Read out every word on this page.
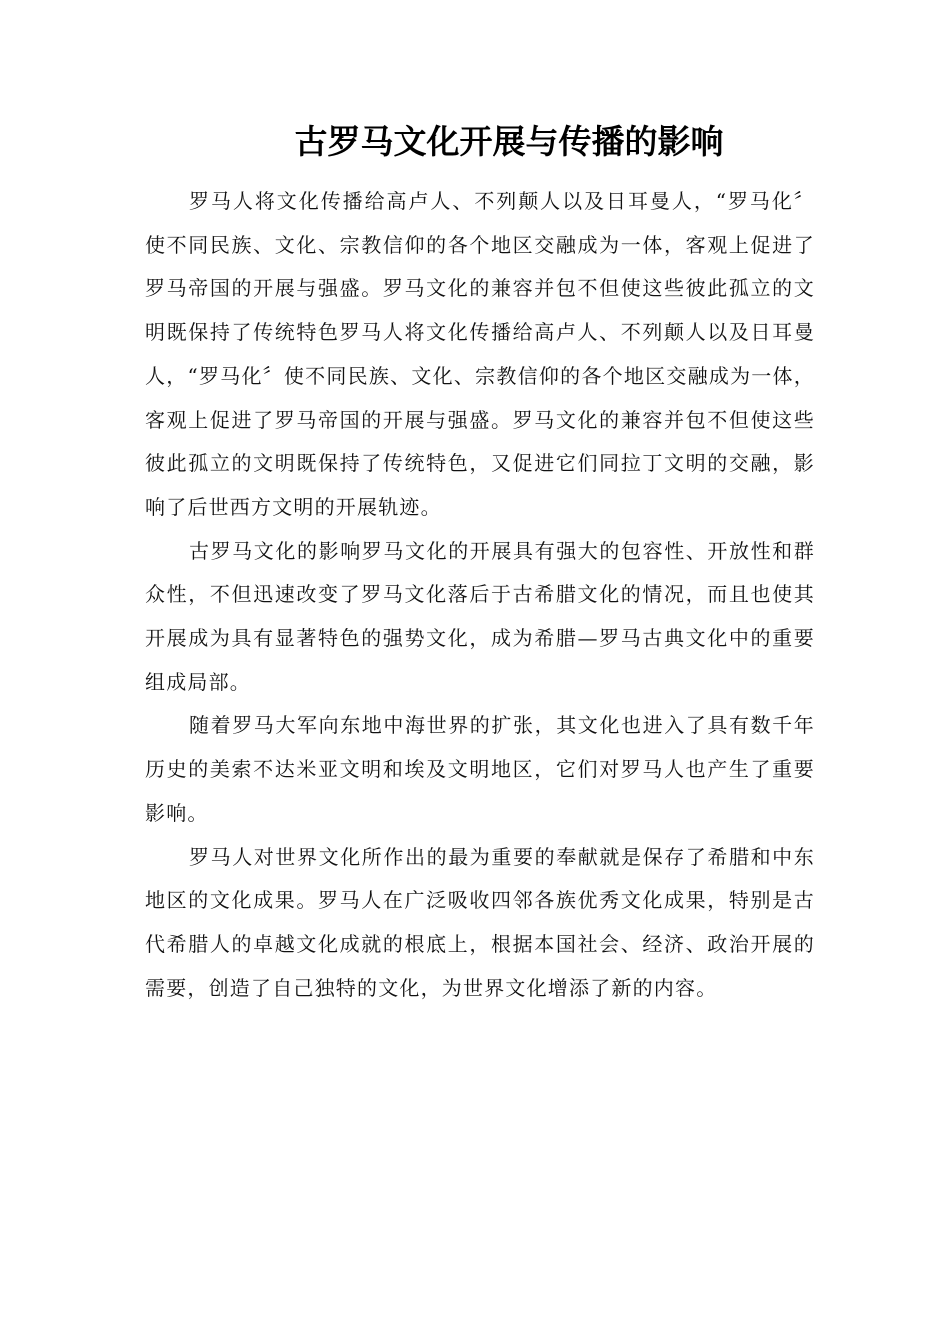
古罗马文化开展与传播的影响

罗马人将文化传播给高卢人、不列颠人以及日耳曼人，“罗马化〞使不同民族、文化、宗教信仰的各个地区交融成为一体，客观上促进了罗马帝国的开展与强盛。罗马文化的兼容并包不但使这些彼此孤立的文明既保持了传统特色罗马人将文化传播给高卢人、不列颠人以及日耳曼人，“罗马化〞使不同民族、文化、宗教信仰的各个地区交融成为一体，客观上促进了罗马帝国的开展与强盛。罗马文化的兼容并包不但使这些彼此孤立的文明既保持了传统特色，又促进它们同拉丁文明的交融，影响了后世西方文明的开展轨迹。

古罗马文化的影响罗马文化的开展具有强大的包容性、开放性和群众性，不但迅速改变了罗马文化落后于古希腊文化的情况，而且也使其开展成为具有显著特色的强势文化，成为希腊—罗马古典文化中的重要组成局部。

随着罗马大军向东地中海世界的扩张，其文化也进入了具有数千年历史的美索不达米亚文明和埃及文明地区，它们对罗马人也产生了重要影响。

罗马人对世界文化所作出的最为重要的奉献就是保存了希腊和中东地区的文化成果。罗马人在广泛吸收四邻各族优秀文化成果，特别是古代希腊人的卓越文化成就的根底上，根据本国社会、经济、政治开展的需要，创造了自己独特的文化，为世界文化增添了新的内容。
